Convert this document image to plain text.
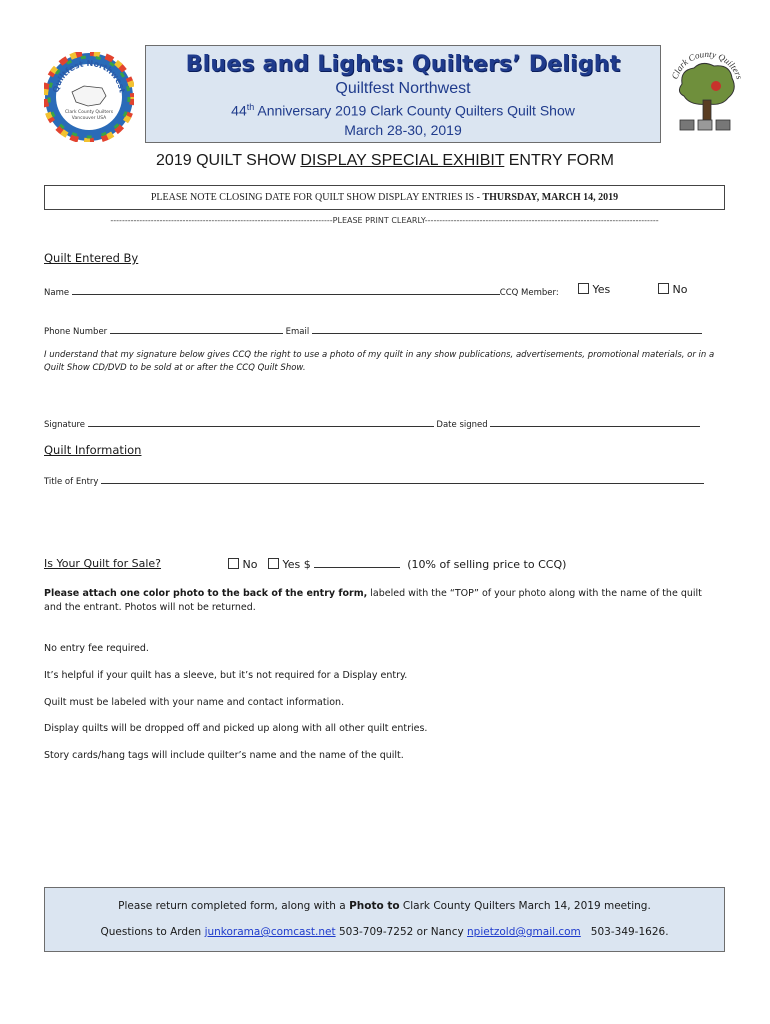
Quiltfest Northwest
Clark County Quilters
Vancouver USA
Blues and Lights: Quilters’ Delight
Quiltfest Northwest
44th Anniversary 2019 Clark County Quilters Quilt Show
March 28-30, 2019
Clark County Quilters
2019 QUILT SHOW DISPLAY SPECIAL EXHIBIT ENTRY FORM
PLEASE NOTE CLOSING DATE FOR QUILT SHOW DISPLAY ENTRIES IS - THURSDAY, MARCH 14, 2019
-----------------------------------------------------------------------------PLEASE PRINT CLEARLY---------------------------------------------------------------------------------
Quilt Entered By
Name	CCQ Member:	Yes	No
Phone Number	Email
I understand that my signature below gives CCQ the right to use a photo of my quilt in any show publications, advertisements, promotional materials, or in a Quilt Show CD/DVD to be sold at or after the CCQ Quilt Show.
Signature	Date signed
Quilt Information
Title of Entry
Is Your Quilt for Sale?	No Yes $	(10% of selling price to CCQ)
Please attach one color photo to the back of the entry form, labeled with the “TOP” of your photo along with the name of the quilt and the entrant. Photos will not be returned.
No entry fee required.
It’s helpful if your quilt has a sleeve, but it’s not required for a Display entry.
Quilt must be labeled with your name and contact information.
Display quilts will be dropped off and picked up along with all other quilt entries.
Story cards/hang tags will include quilter’s name and the name of the quilt.
Please return completed form, along with a Photo to Clark County Quilters March 14, 2019 meeting.
Questions to Arden junkorama@comcast.net 503-709-7252 or Nancy npietzold@gmail.com   503-349-1626.
